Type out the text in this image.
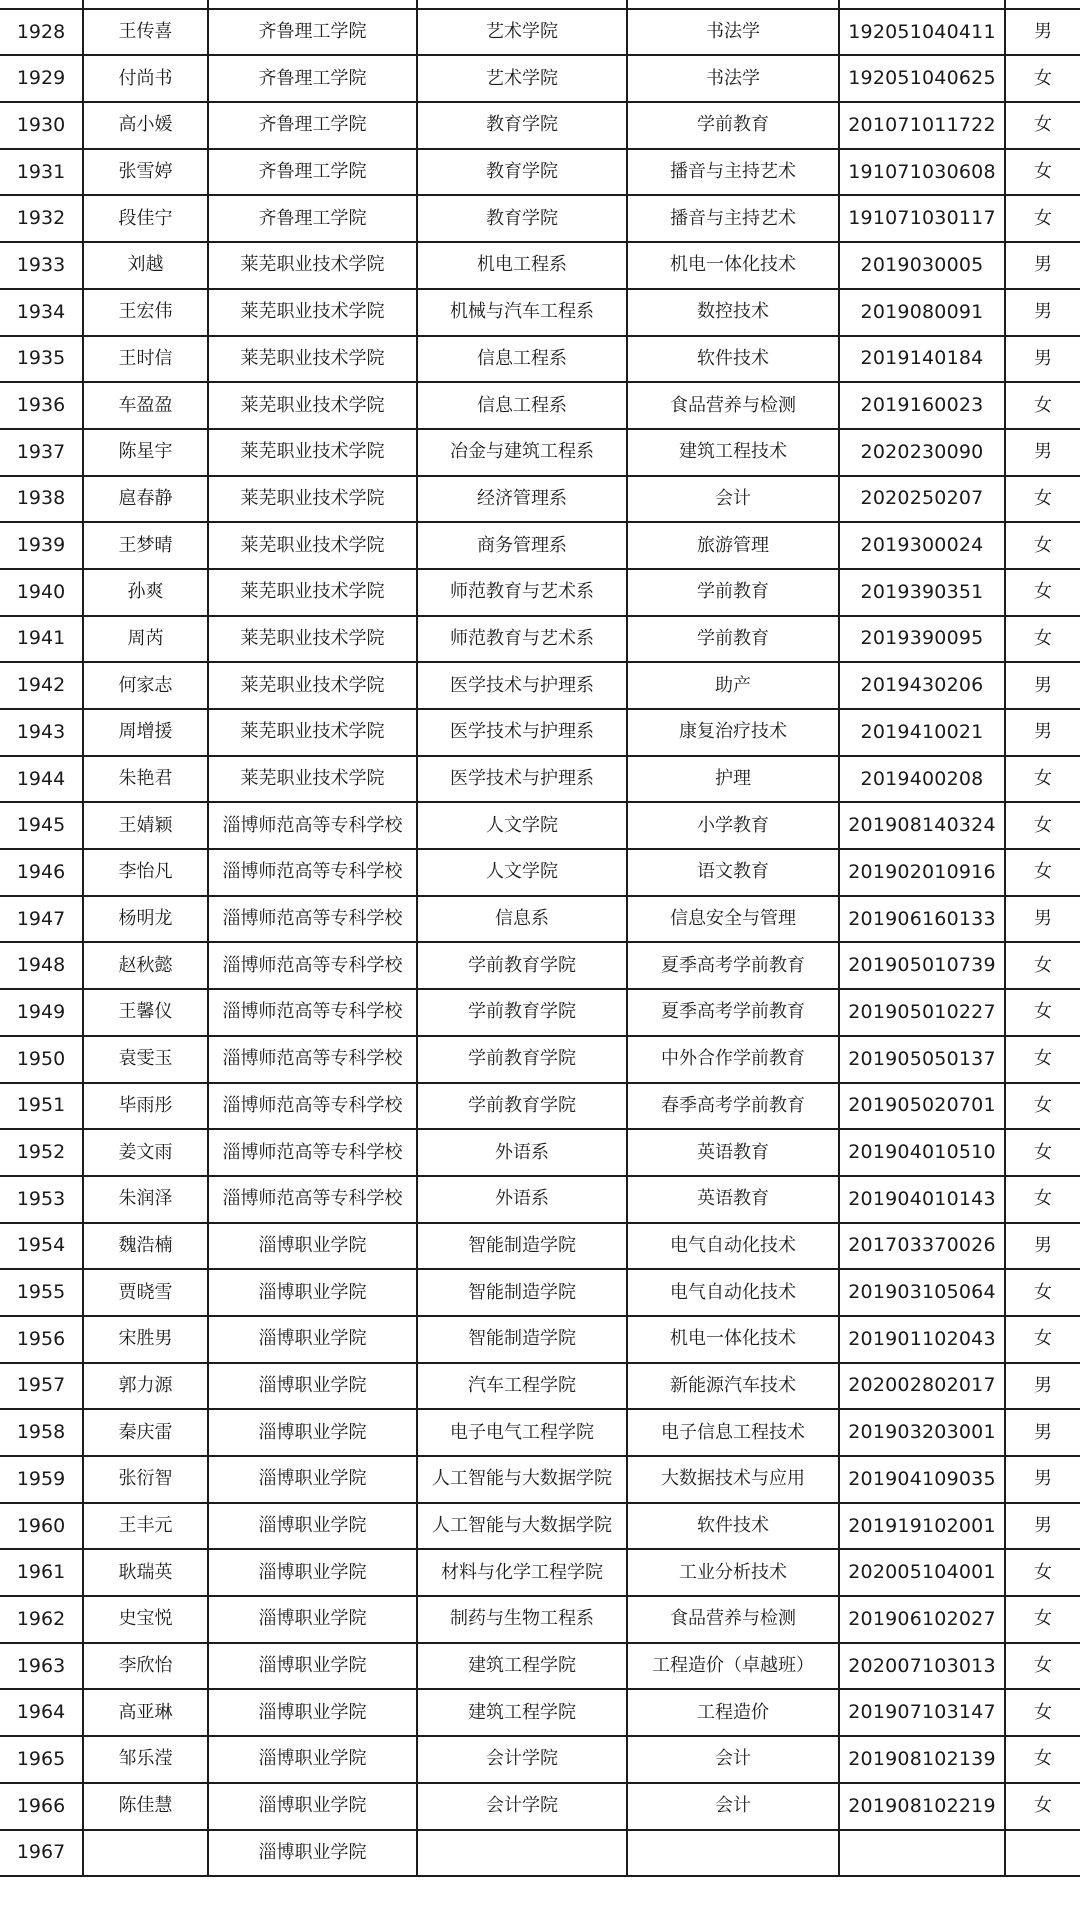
1928	王传喜	齐鲁理工学院	艺术学院	书法学	192051040411	男
1929	付尚书	齐鲁理工学院	艺术学院	书法学	192051040625	女
1930	高小媛	齐鲁理工学院	教育学院	学前教育	201071011722	女
1931	张雪婷	齐鲁理工学院	教育学院	播音与主持艺术	191071030608	女
1932	段佳宁	齐鲁理工学院	教育学院	播音与主持艺术	191071030117	女
1933	刘越	莱芜职业技术学院	机电工程系	机电一体化技术	2019030005	男
1934	王宏伟	莱芜职业技术学院	机械与汽车工程系	数控技术	2019080091	男
1935	王时信	莱芜职业技术学院	信息工程系	软件技术	2019140184	男
1936	车盈盈	莱芜职业技术学院	信息工程系	食品营养与检测	2019160023	女
1937	陈星宇	莱芜职业技术学院	冶金与建筑工程系	建筑工程技术	2020230090	男
1938	扈春静	莱芜职业技术学院	经济管理系	会计	2020250207	女
1939	王梦晴	莱芜职业技术学院	商务管理系	旅游管理	2019300024	女
1940	孙爽	莱芜职业技术学院	师范教育与艺术系	学前教育	2019390351	女
1941	周芮	莱芜职业技术学院	师范教育与艺术系	学前教育	2019390095	女
1942	何家志	莱芜职业技术学院	医学技术与护理系	助产	2019430206	男
1943	周增援	莱芜职业技术学院	医学技术与护理系	康复治疗技术	2019410021	男
1944	朱艳君	莱芜职业技术学院	医学技术与护理系	护理	2019400208	女
1945	王婧颖	淄博师范高等专科学校	人文学院	小学教育	201908140324	女
1946	李怡凡	淄博师范高等专科学校	人文学院	语文教育	201902010916	女
1947	杨明龙	淄博师范高等专科学校	信息系	信息安全与管理	201906160133	男
1948	赵秋懿	淄博师范高等专科学校	学前教育学院	夏季高考学前教育	201905010739	女
1949	王馨仪	淄博师范高等专科学校	学前教育学院	夏季高考学前教育	201905010227	女
1950	袁雯玉	淄博师范高等专科学校	学前教育学院	中外合作学前教育	201905050137	女
1951	毕雨彤	淄博师范高等专科学校	学前教育学院	春季高考学前教育	201905020701	女
1952	姜文雨	淄博师范高等专科学校	外语系	英语教育	201904010510	女
1953	朱润泽	淄博师范高等专科学校	外语系	英语教育	201904010143	女
1954	魏浩楠	淄博职业学院	智能制造学院	电气自动化技术	201703370026	男
1955	贾晓雪	淄博职业学院	智能制造学院	电气自动化技术	201903105064	女
1956	宋胜男	淄博职业学院	智能制造学院	机电一体化技术	201901102043	女
1957	郭力源	淄博职业学院	汽车工程学院	新能源汽车技术	202002802017	男
1958	秦庆雷	淄博职业学院	电子电气工程学院	电子信息工程技术	201903203001	男
1959	张衍智	淄博职业学院	人工智能与大数据学院	大数据技术与应用	201904109035	男
1960	王丰元	淄博职业学院	人工智能与大数据学院	软件技术	201919102001	男
1961	耿瑞英	淄博职业学院	材料与化学工程学院	工业分析技术	202005104001	女
1962	史宝悦	淄博职业学院	制药与生物工程系	食品营养与检测	201906102027	女
1963	李欣怡	淄博职业学院	建筑工程学院	工程造价（卓越班）	202007103013	女
1964	高亚琳	淄博职业学院	建筑工程学院	工程造价	201907103147	女
1965	邹乐滢	淄博职业学院	会计学院	会计	201908102139	女
1966	陈佳慧	淄博职业学院	会计学院	会计	201908102219	女
1967		淄博职业学院				
